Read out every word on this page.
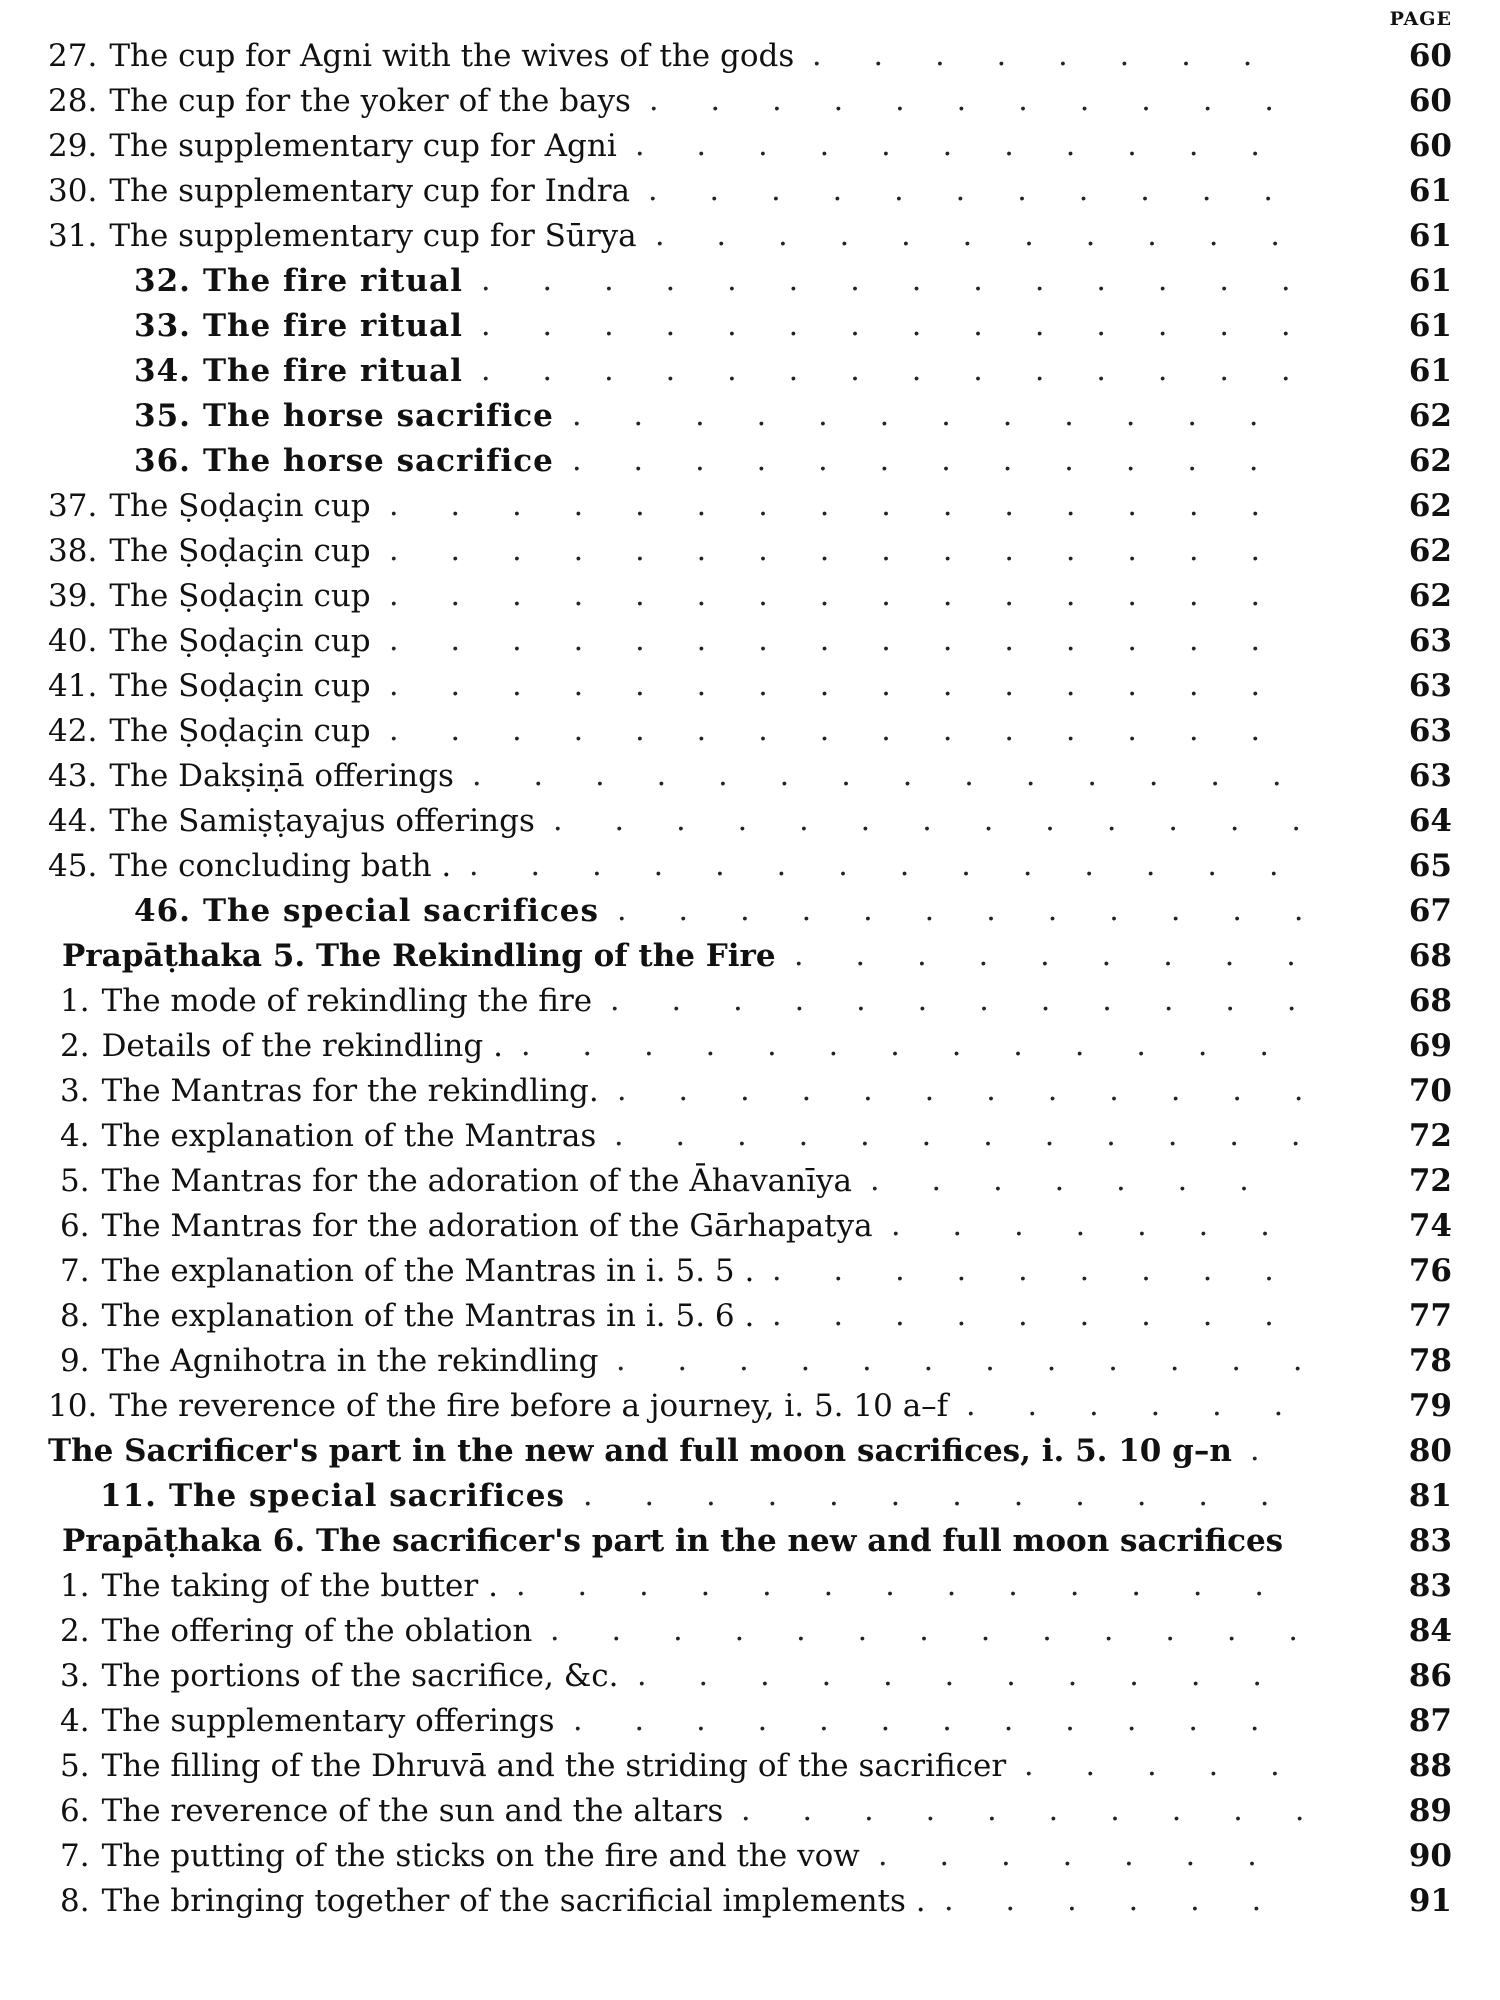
PAGE
27. The cup for Agni with the wives of the gods ........	60
28. The cup for the yoker of the bays ...........	60
29. The supplementary cup for Agni ...........	60
30. The supplementary cup for Indra ...........	61
31. The supplementary cup for Sūrya ...........	61
32. The fire ritual ..............	61
33. The fire ritual ..............	61
34. The fire ritual ..............	61
35. The horse sacrifice ............	62
36. The horse sacrifice ............	62
37. The Ṣoḍaçin cup ...............	62
38. The Ṣoḍaçin cup ...............	62
39. The Ṣoḍaçin cup ...............	62
40. The Ṣoḍaçin cup ...............	63
41. The Soḍaçin cup ...............	63
42. The Ṣoḍaçin cup ...............	63
43. The Dakṣiṇā offerings ..............	63
44. The Samiṣṭayajus offerings .............	64
45. The concluding bath . ..............	65
46. The special sacrifices ............	67
Prapāṭhaka 5. The Rekindling of the Fire .........	68
1. The mode of rekindling the fire ............	68
2. Details of the rekindling . .............	69
3. The Mantras for the rekindling. ............	70
4. The explanation of the Mantras ............	72
5. The Mantras for the adoration of the Āhavanīya .......	72
6. The Mantras for the adoration of the Gārhapatya .......	74
7. The explanation of the Mantras in i. 5. 5 . .........	76
8. The explanation of the Mantras in i. 5. 6 . .........	77
9. The Agnihotra in the rekindling ............	78
10. The reverence of the fire before a journey, i. 5. 10 a–f ......	79
The Sacrificer's part in the new and full moon sacrifices, i. 5. 10 g–n .	80
11. The special sacrifices ............	81
Prapāṭhaka 6. The sacrificer's part in the new and full moon sacrifices	83
1. The taking of the butter . .............	83
2. The offering of the oblation .............	84
3. The portions of the sacrifice, &c. ...........	86
4. The supplementary offerings ............	87
5. The filling of the Dhruvā and the striding of the sacrificer .....	88
6. The reverence of the sun and the altars ..........	89
7. The putting of the sticks on the fire and the vow .......	90
8. The bringing together of the sacrificial implements . ......	91
